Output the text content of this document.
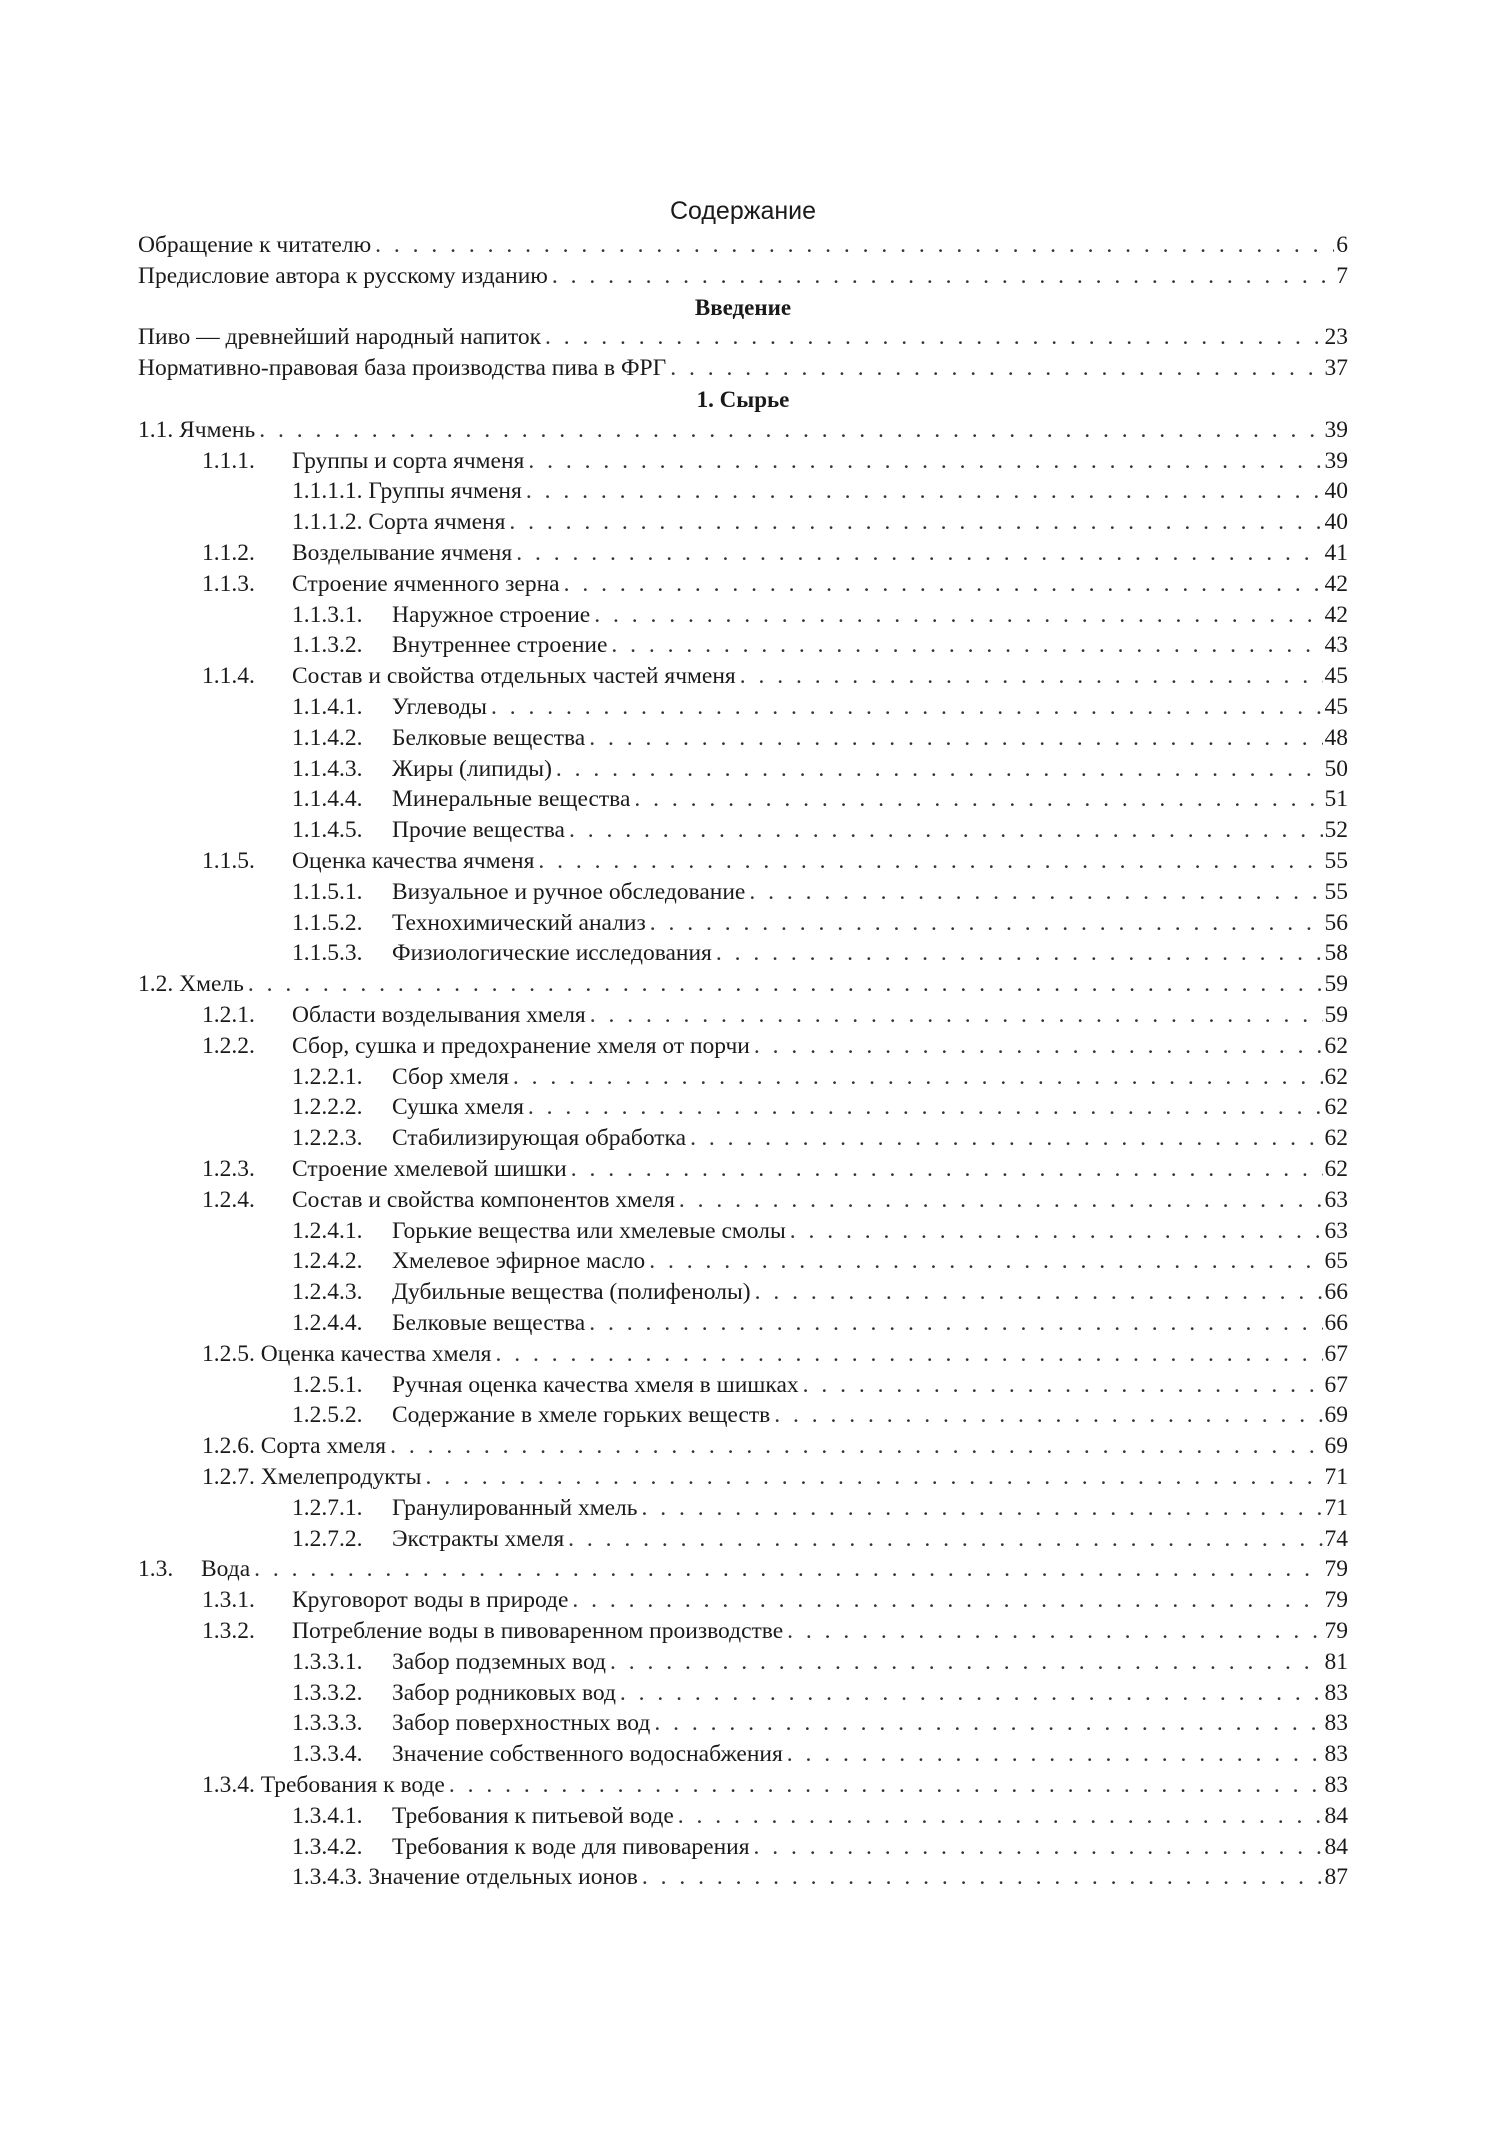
Содержание
Обращение к читателю . . .	6
Предисловие автора к русскому изданию . . .	7
Введение
Пиво — древнейший народный напиток . . .	23
Нормативно-правовая база производства пива в ФРГ . . .	37
1. Сырье
1.1. Ячмень . . .	39
1.1.1.	Группы и сорта ячменя . . .	39
1.1.1.1. Группы ячменя . . .	40
1.1.1.2. Сорта ячменя . . .	40
1.1.2.	Возделывание ячменя . . .	41
1.1.3.	Строение ячменного зерна . . .	42
1.1.3.1.	Наружное строение . . .	42
1.1.3.2.	Внутреннее строение . . .	43
1.1.4.	Состав и свойства отдельных частей ячменя . . .	45
1.1.4.1.	Углеводы . . .	45
1.1.4.2.	Белковые вещества . . .	48
1.1.4.3.	Жиры (липиды) . . .	50
1.1.4.4.	Минеральные вещества . . .	51
1.1.4.5.	Прочие вещества . . .	52
1.1.5.	Оценка качества ячменя . . .	55
1.1.5.1.	Визуальное и ручное обследование . . .	55
1.1.5.2.	Технохимический анализ . . .	56
1.1.5.3.	Физиологические исследования . . .	58
1.2. Хмель . . .	59
1.2.1.	Области возделывания хмеля . . .	59
1.2.2.	Сбор, сушка и предохранение хмеля от порчи . . .	62
1.2.2.1.	Сбор хмеля . . .	62
1.2.2.2.	Сушка хмеля . . .	62
1.2.2.3.	Стабилизирующая обработка . . .	62
1.2.3.	Строение хмелевой шишки . . .	62
1.2.4.	Состав и свойства компонентов хмеля . . .	63
1.2.4.1.	Горькие вещества или хмелевые смолы . . .	63
1.2.4.2.	Хмелевое эфирное масло . . .	65
1.2.4.3.	Дубильные вещества (полифенолы) . . .	66
1.2.4.4.	Белковые вещества . . .	66
1.2.5. Оценка качества хмеля . . .	67
1.2.5.1.	Ручная оценка качества хмеля в шишках . . .	67
1.2.5.2.	Содержание в хмеле горьких веществ . . .	69
1.2.6. Сорта хмеля . . .	69
1.2.7. Хмелепродукты . . .	71
1.2.7.1.	Гранулированный хмель . . .	71
1.2.7.2.	Экстракты хмеля . . .	74
1.3.	Вода . . .	79
1.3.1.	Круговорот воды в природе . . .	79
1.3.2.	Потребление воды в пивоваренном производстве . . .	79
1.3.3.1.	Забор подземных вод . . .	81
1.3.3.2.	Забор родниковых вод . . .	83
1.3.3.3.	Забор поверхностных вод . . .	83
1.3.3.4.	Значение собственного водоснабжения . . .	83
1.3.4. Требования к воде . . .	83
1.3.4.1.	Требования к питьевой воде . . .	84
1.3.4.2.	Требования к воде для пивоварения . . .	84
1.3.4.3. Значение отдельных ионов . . .	87
